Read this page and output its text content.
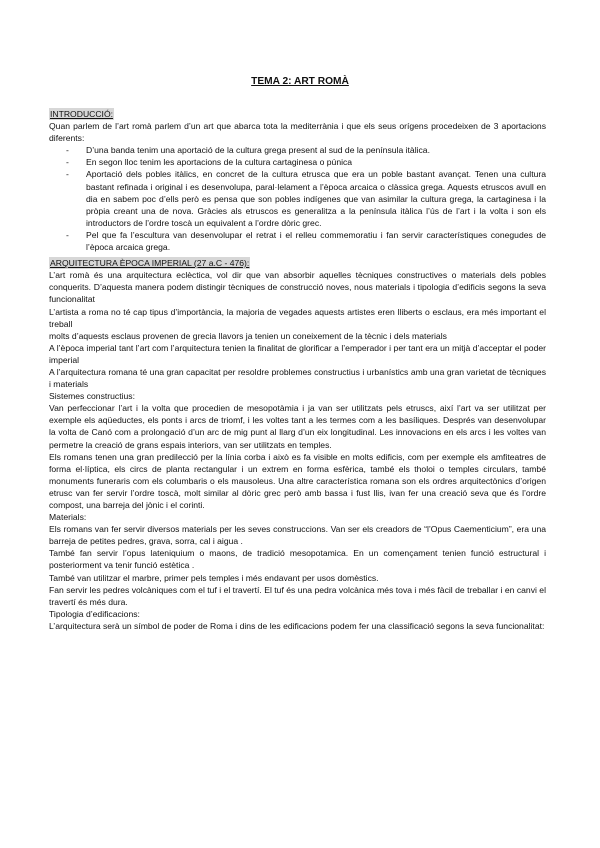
TEMA 2: ART ROMÀ
INTRODUCCIÓ:

Quan parlem de l’art romà parlem d’un art que abarca tota la mediterrània i que els seus orígens procedeixen de 3 aportacions diferents:

- D’una banda tenim una aportació de la cultura grega present al sud de la península itàlica.
- En segon lloc tenim les aportacions de la cultura cartaginesa o púnica
- Aportació dels pobles itàlics, en concret de la cultura etrusca que era un poble bastant avançat. Tenen una cultura bastant refinada i original i es desenvolupa, paral·lelament a l’època arcaica o clàssica grega. Aquests etruscos avull en dia en sabem poc d’ells però es pensa que son pobles indígenes que van asimilar la cultura grega, la cartaginesa i la pròpia creant una de nova. Gràcies als etruscos es generalitza a la península itàlica l’ús de l’art i la volta i son els introductors de l’ordre toscà un equivalent a l’ordre dòric grec.
- Pel que fa l’escultura van desenvolupar el retrat i el relleu commemoratiu i fan servir característiques conegudes de l’època arcaica grega.
ARQUITECTURA ÈPOCA IMPERIAL (27 a.C - 476):

L’art romà és una arquitectura eclèctica, vol dir que van absorbir aquelles tècniques constructives o materials dels pobles conquerits. D’aquesta manera podem distingir tècniques de construcció noves, nous materials i tipologia d’edificis segons la seva funcionalitat

L’artista a roma no té cap tipus d’importància, la majoria de vegades aquests artistes eren lliberts o esclaus, era més important el treball

molts d’aquests esclaus provenen de grecia llavors ja tenien un coneixement de la tècnic i dels materials

A l’època imperial tant l’art com l’arquitectura tenien la finalitat de glorificar a l’emperador i per tant era un mitjà d’acceptar el poder imperial

A l’arquitectura romana té una gran capacitat per resoldre problemes constructius i urbanístics amb una gran varietat de tècniques i materials

Sistemes constructius:

Van perfeccionar l’art i la volta que procedien de mesopotàmia i ja van ser utilitzats pels etruscs, així l’art va ser utilitzat per exemple els aqüeductes, els ponts i arcs de triomf, i les voltes tant a les termes com a les basíliques. Després van desenvolupar la volta de Canó com a prolongació d’un arc de mig punt al llarg d’un eix longitudinal. Les innovacions en els arcs i les voltes van permetre la creació de grans espais interiors, van ser utilitzats en temples.

Els romans tenen una gran predilecció per la línia corba i això es fa visible en molts edificis, com per exemple els amfiteatres de forma el·líptica, els circs de planta rectangular i un extrem en forma esfèrica, també els tholoi o temples circulars, també monuments funeraris com els columbaris o els mausoleus. Una altre característica romana son els ordres arquitectònics d’origen etrusc van fer servir l’ordre toscà, molt similar al dòric grec però amb bassa i fust llis, ivan fer una creació seva que és l’ordre compost, una barreja del jònic i el corinti.

Materials:

Els romans van fer servir diversos materials per les seves construccions. Van ser els creadors de “l’Opus Caementicium”, era una barreja de petites pedres, grava, sorra, cal i aigua .

També fan servir l’opus lateniquium o maons, de tradició mesopotamica. En un començament tenien funció estructural i posteriorment va tenir funció estètica .

També van utilitzar el marbre, primer pels temples i més endavant per usos domèstics.

Fan servir les pedres volcàniques com el tuf i el travertí. El tuf és una pedra volcànica més tova i més fàcil de treballar i en canvi el travertí és més dura.

Tipologia d’edificacions:

L’arquitectura serà un símbol de poder de Roma i dins de les edificacions podem fer una classificació segons la seva funcionalitat:
